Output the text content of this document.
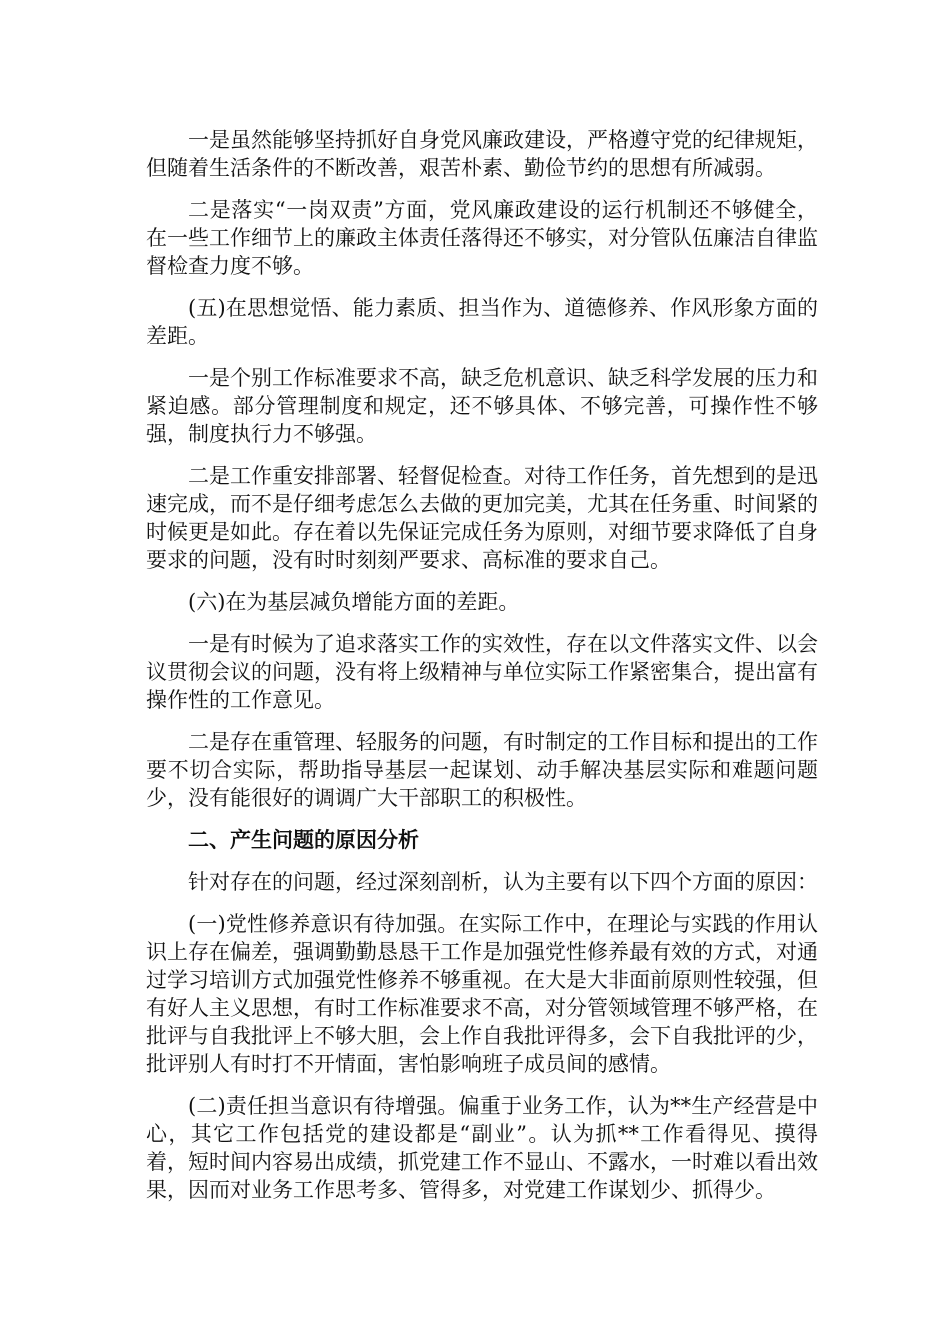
一是虽然能够坚持抓好自身党风廉政建设，严格遵守党的纪律规矩，但随着生活条件的不断改善，艰苦朴素、勤俭节约的思想有所减弱。

二是落实“一岗双责”方面，党风廉政建设的运行机制还不够健全，在一些工作细节上的廉政主体责任落得还不够实，对分管队伍廉洁自律监督检查力度不够。

(五)在思想觉悟、能力素质、担当作为、道德修养、作风形象方面的差距。

一是个别工作标准要求不高，缺乏危机意识、缺乏科学发展的压力和紧迫感。部分管理制度和规定，还不够具体、不够完善，可操作性不够强，制度执行力不够强。

二是工作重安排部署、轻督促检查。对待工作任务，首先想到的是迅速完成，而不是仔细考虑怎么去做的更加完美，尤其在任务重、时间紧的时候更是如此。存在着以先保证完成任务为原则，对细节要求降低了自身要求的问题，没有时时刻刻严要求、高标准的要求自己。

(六)在为基层减负增能方面的差距。

一是有时候为了追求落实工作的实效性，存在以文件落实文件、以会议贯彻会议的问题，没有将上级精神与单位实际工作紧密集合，提出富有操作性的工作意见。

二是存在重管理、轻服务的问题，有时制定的工作目标和提出的工作要不切合实际，帮助指导基层一起谋划、动手解决基层实际和难题问题少，没有能很好的调调广大干部职工的积极性。

二、产生问题的原因分析

针对存在的问题，经过深刻剖析，认为主要有以下四个方面的原因：

(一)党性修养意识有待加强。在实际工作中，在理论与实践的作用认识上存在偏差，强调勤勤恳恳干工作是加强党性修养最有效的方式，对通过学习培训方式加强党性修养不够重视。在大是大非面前原则性较强，但有好人主义思想，有时工作标准要求不高，对分管领域管理不够严格，在批评与自我批评上不够大胆，会上作自我批评得多，会下自我批评的少，批评别人有时打不开情面，害怕影响班子成员间的感情。

(二)责任担当意识有待增强。偏重于业务工作，认为**生产经营是中心，其它工作包括党的建设都是“副业”。认为抓**工作看得见、摸得着，短时间内容易出成绩，抓党建工作不显山、不露水，一时难以看出效果，因而对业务工作思考多、管得多，对党建工作谋划少、抓得少。
